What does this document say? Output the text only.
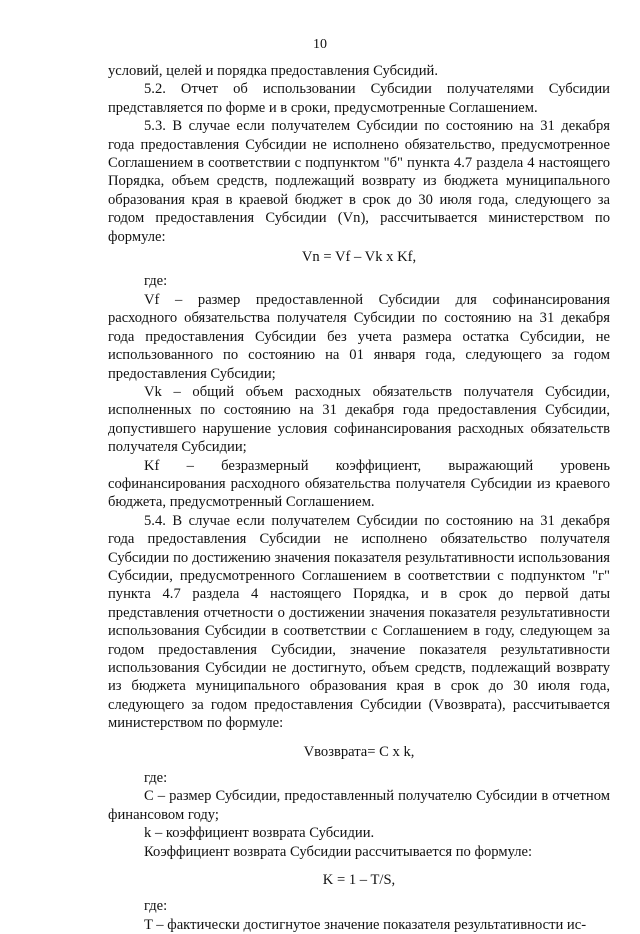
10

условий, целей и порядка предоставления Субсидий.

5.2. Отчет об использовании Субсидии получателями Субсидии представляется по форме и в сроки, предусмотренные Соглашением.

5.3. В случае если получателем Субсидии по состоянию на 31 декабря года предоставления Субсидии не исполнено обязательство, предусмотренное Соглашением в соответствии с подпунктом "б" пункта 4.7 раздела 4 настоящего Порядка, объем средств, подлежащий возврату из бюджета муниципального образования края в краевой бюджет в срок до 30 июля года, следующего за годом предоставления Субсидии (Vn), рассчитывается министерством по формуле:

Vn = Vf – Vk x Kf,

где:

Vf – размер предоставленной Субсидии для софинансирования расходного обязательства получателя Субсидии по состоянию на 31 декабря года предоставления Субсидии без учета размера остатка Субсидии, не использованного по состоянию на 01 января года, следующего за годом предоставления Субсидии;

Vk – общий объем расходных обязательств получателя Субсидии, исполненных по состоянию на 31 декабря года предоставления Субсидии, допустившего нарушение условия софинансирования расходных обязательств получателя Субсидии;

Kf – безразмерный коэффициент, выражающий уровень софинансирования расходного обязательства получателя Субсидии из краевого бюджета, предусмотренный Соглашением.

5.4. В случае если получателем Субсидии по состоянию на 31 декабря года предоставления Субсидии не исполнено обязательство получателя Субсидии по достижению значения показателя результативности использования Субсидии, предусмотренного Соглашением в соответствии с подпунктом "г" пункта 4.7 раздела 4 настоящего Порядка, и в срок до первой даты представления отчетности о достижении значения показателя результативности использования Субсидии в соответствии с Соглашением в году, следующем за годом предоставления Субсидии, значение показателя результативности использования Субсидии не достигнуто, объем средств, подлежащий возврату из бюджета муниципального образования края в срок до 30 июля года, следующего за годом предоставления Субсидии (Vвозврата), рассчитывается министерством по формуле:

Vвозврата= C x k,

где:

C – размер Субсидии, предоставленный получателю Субсидии в отчетном финансовом году;

k – коэффициент возврата Субсидии.

Коэффициент возврата Субсидии рассчитывается по формуле:

K = 1 – T/S,

где:

T – фактически достигнутое значение показателя результативности ис-
